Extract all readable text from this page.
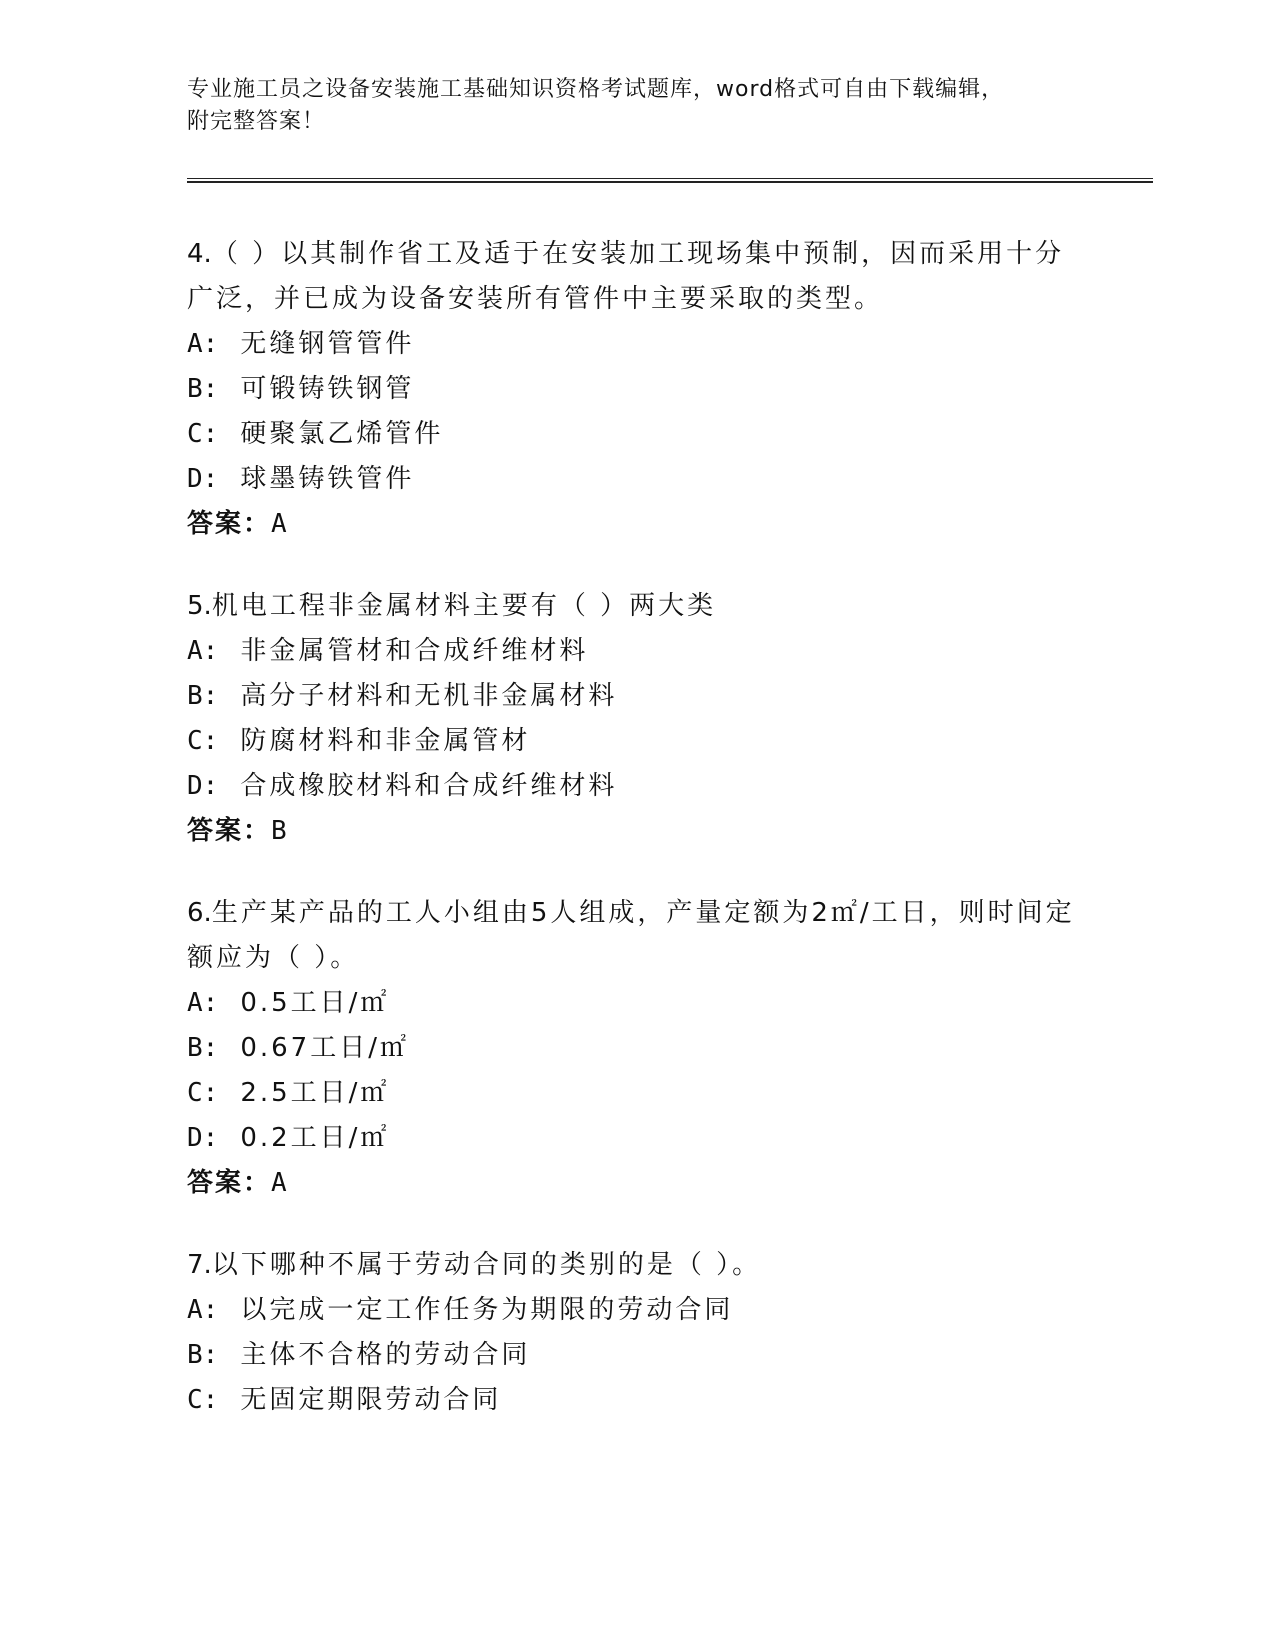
专业施工员之设备安装施工基础知识资格考试题库，word格式可自由下载编辑，
附完整答案！

4.（ ）以其制作省工及适于在安装加工现场集中预制，因而采用十分广泛，并已成为设备安装所有管件中主要采取的类型。

A: 无缝钢管管件

B: 可锻铸铁钢管

C: 硬聚氯乙烯管件

D: 球墨铸铁管件

答案：A

5.机电工程非金属材料主要有（ ）两大类

A: 非金属管材和合成纤维材料

B: 高分子材料和无机非金属材料

C: 防腐材料和非金属管材

D: 合成橡胶材料和合成纤维材料

答案：B

6.生产某产品的工人小组由5人组成，产量定额为2㎡/工日，则时间定额应为（ ）。

A: 0.5工日/㎡

B: 0.67工日/㎡

C: 2.5工日/㎡

D: 0.2工日/㎡

答案：A

7.以下哪种不属于劳动合同的类别的是（ ）。

A: 以完成一定工作任务为期限的劳动合同

B: 主体不合格的劳动合同

C: 无固定期限劳动合同
